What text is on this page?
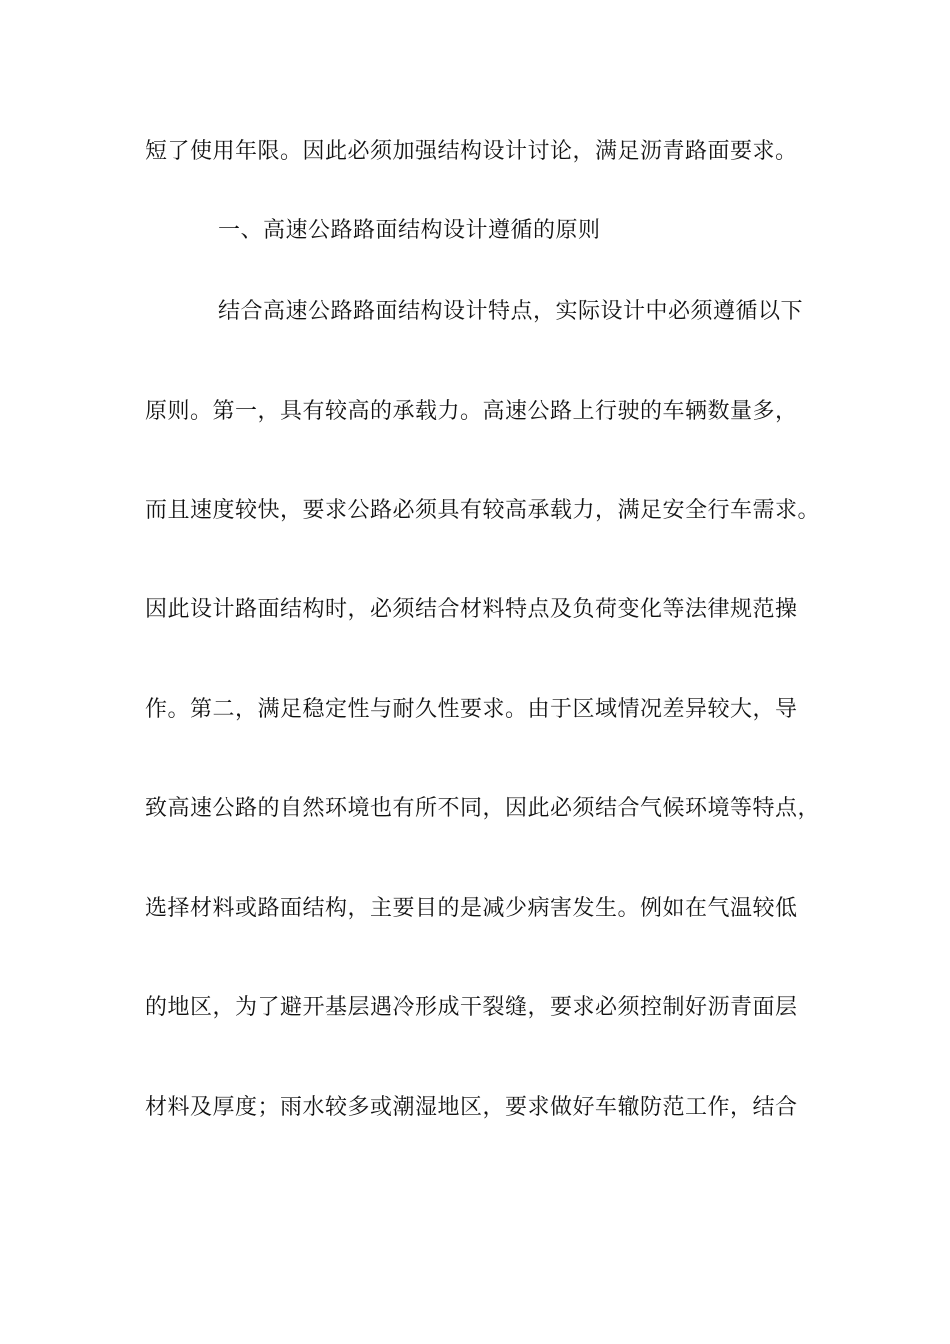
短了使用年限。因此必须加强结构设计讨论，满足沥青路面要求。
一、高速公路路面结构设计遵循的原则
结合高速公路路面结构设计特点，实际设计中必须遵循以下
原则。第一，具有较高的承载力。高速公路上行驶的车辆数量多，
而且速度较快，要求公路必须具有较高承载力，满足安全行车需求。
因此设计路面结构时，必须结合材料特点及负荷变化等法律规范操
作。第二，满足稳定性与耐久性要求。由于区域情况差异较大，导
致高速公路的自然环境也有所不同，因此必须结合气候环境等特点，
选择材料或路面结构，主要目的是减少病害发生。例如在气温较低
的地区，为了避开基层遇冷形成干裂缝，要求必须控制好沥青面层
材料及厚度；雨水较多或潮湿地区，要求做好车辙防范工作，结合
